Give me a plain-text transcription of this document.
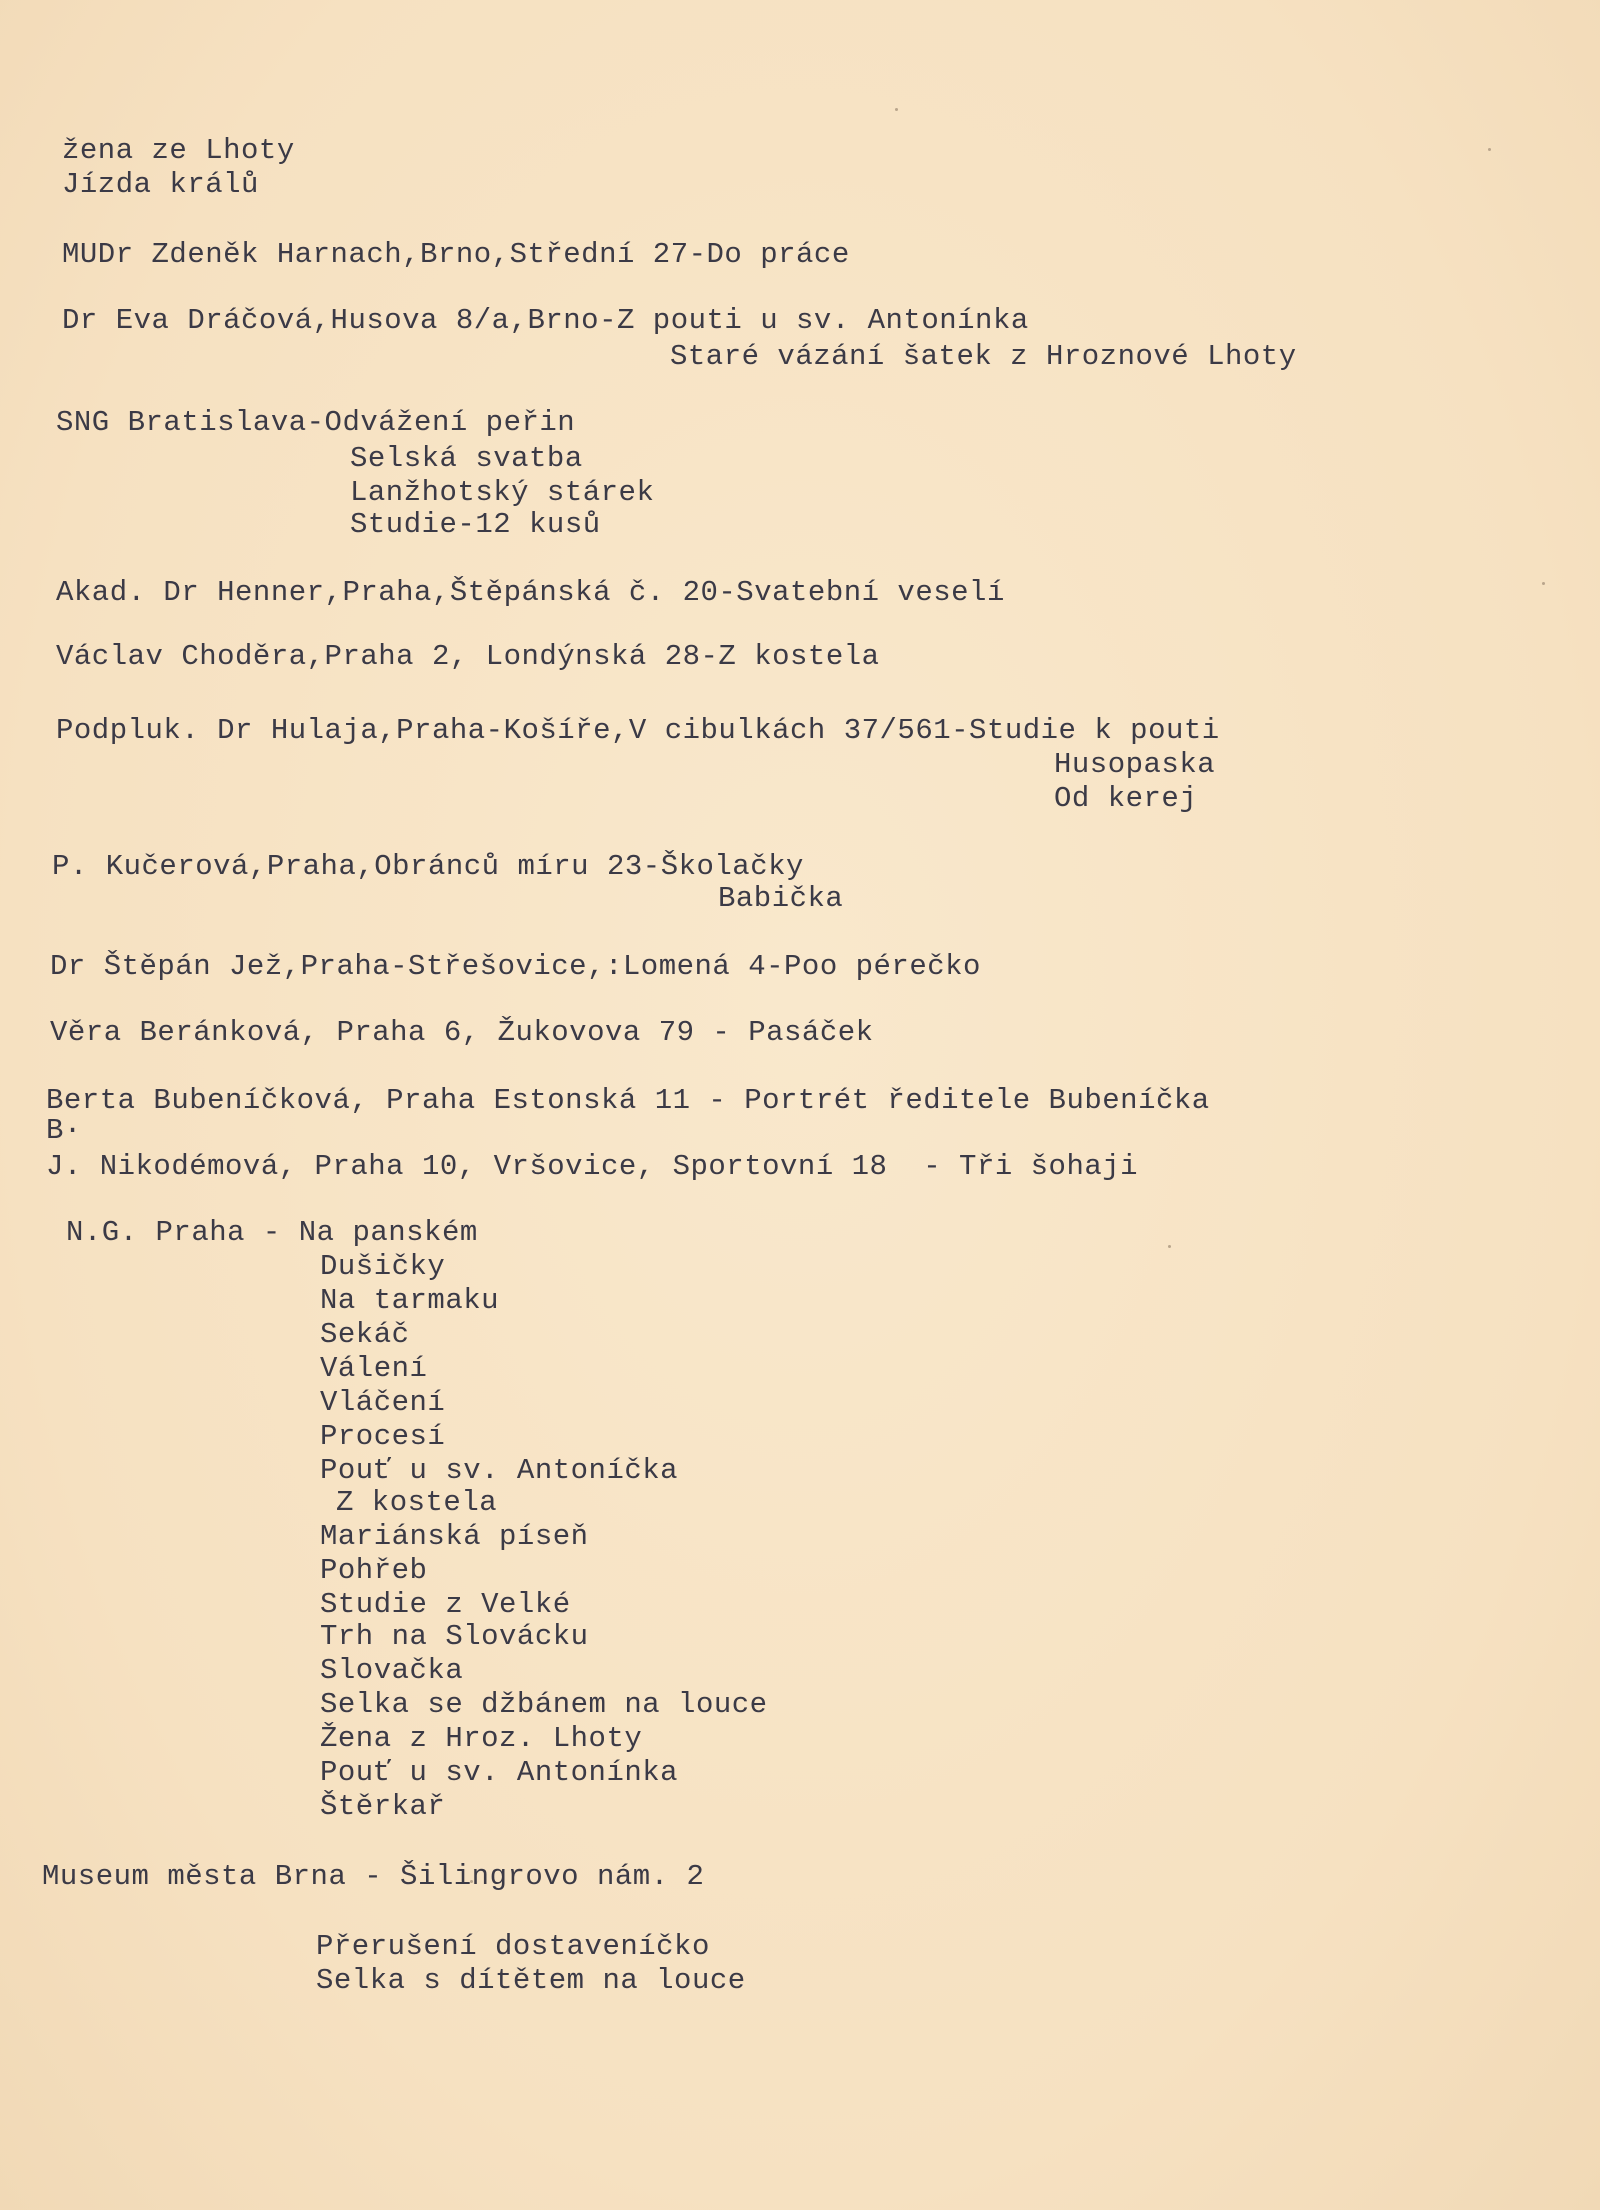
žena ze Lhoty

Jízda králů

MUDr Zdeněk Harnach,Brno,Střední 27-Do práce

Dr Eva Dráčová,Husova 8/a,Brno-Z pouti u sv. Antonínka

Staré vázání šatek z Hroznové Lhoty

SNG Bratislava-Odvážení peřin

Selská svatba

Lanžhotský stárek

Studie-12 kusů

Akad. Dr Henner,Praha,Štěpánská č. 20-Svatební veselí

Václav Choděra,Praha 2, Londýnská 28-Z kostela

Podpluk. Dr Hulaja,Praha-Košíře,V cibulkách 37/561-Studie k pouti

Husopaska

Od kerej

P. Kučerová,Praha,Obránců míru 23-Školačky

Babička

Dr Štěpán Jež,Praha-Střešovice,:Lomená 4-Poo pérečko

Věra Beránková, Praha 6, Žukovova 79 - Pasáček

Berta Bubeníčková, Praha Estonská 11 - Portrét ředitele Bubeníčka

B·

J. Nikodémová, Praha 10, Vršovice, Sportovní 18  - Tři šohaji

N.G. Praha - Na panském

Dušičky

Na tarmaku

Sekáč

Válení

Vláčení

Procesí

Pouť u sv. Antoníčka

Z kostela

Mariánská píseň

Pohřeb

Studie z Velké

Trh na Slovácku

Slovačka

Selka se džbánem na louce

Žena z Hroz. Lhoty

Pouť u sv. Antonínka

Štěrkař

Museum města Brna - Šilingrovo nám. 2

Přerušení dostaveníčko

Selka s dítětem na louce
